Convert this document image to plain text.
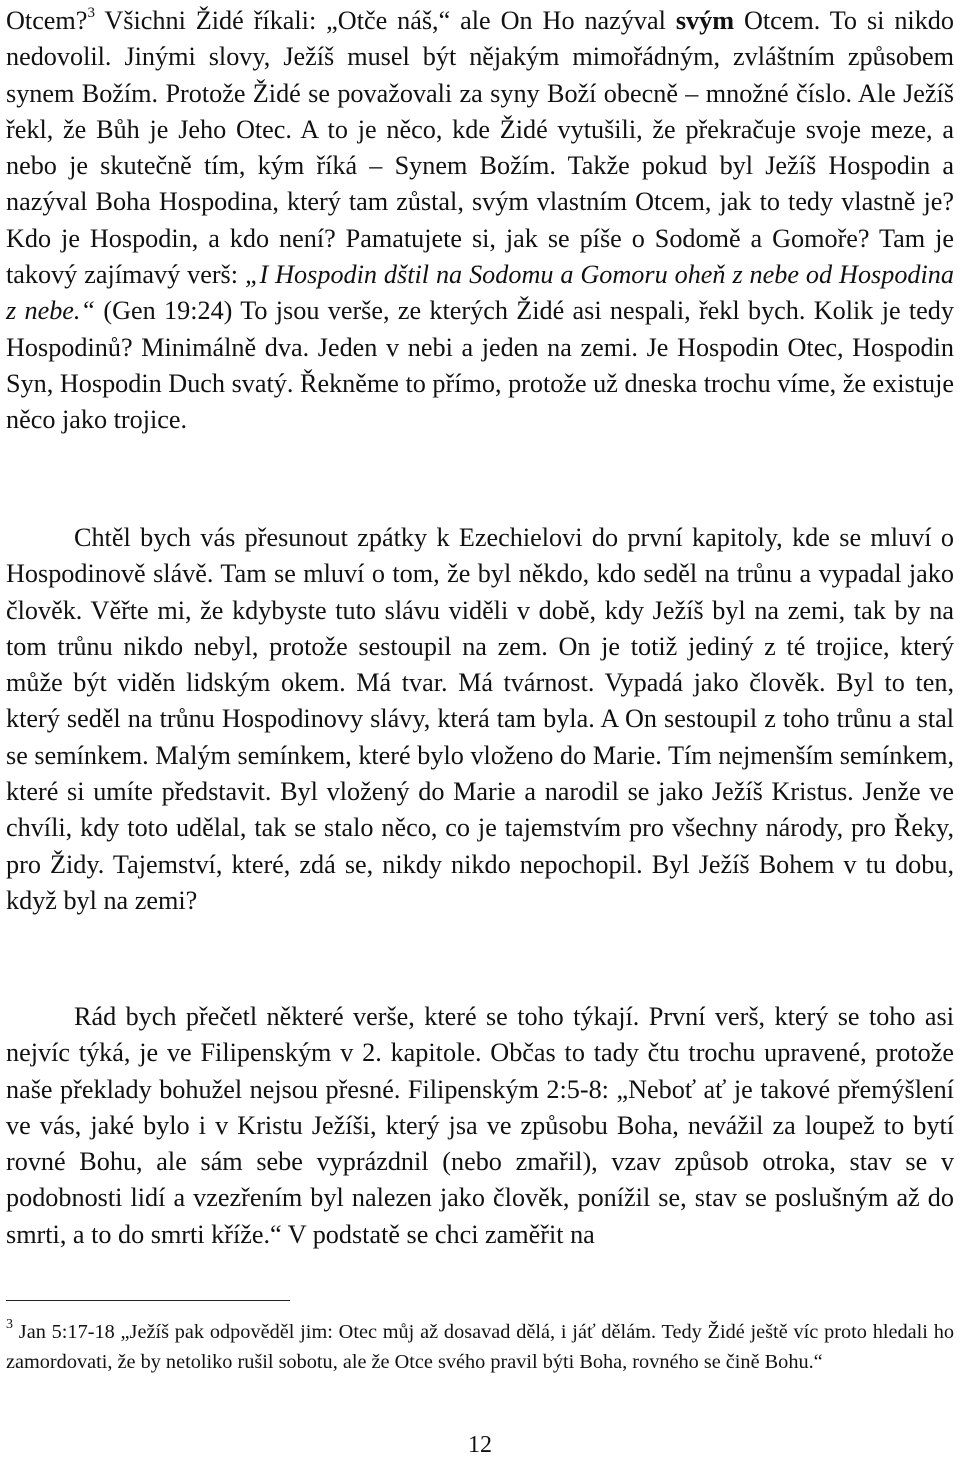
Otcem?$^3$ Všichni Židé říkali: „Otče náš,“ ale On Ho nazýval svým Otcem. To si nikdo nedovolil. Jinými slovy, Ježíš musel být nějakým mimořádným, zvláštním způsobem synem Božím. Protože Židé se považovali za syny Boží obecně – množné číslo. Ale Ježíš řekl, že Bůh je Jeho Otec. A to je něco, kde Židé vytušili, že překračuje svoje meze, a nebo je skutečně tím, kým říká – Synem Božím. Takže pokud byl Ježíš Hospodin a nazýval Boha Hospodina, který tam zůstal, svým vlastním Otcem, jak to tedy vlastně je? Kdo je Hospodin, a kdo není? Pamatujete si, jak se píše o Sodomě a Gomoře? Tam je takový zajímavý verš: „I Hospodin dštil na Sodomu a Gomoru oheň z nebe od Hospodina z nebe.“ (Gen 19:24) To jsou verše, ze kterých Židé asi nespali, řekl bych. Kolik je tedy Hospodinů? Minimálně dva. Jeden v nebi a jeden na zemi. Je Hospodin Otec, Hospodin Syn, Hospodin Duch svatý. Řekněme to přímo, protože už dneska trochu víme, že existuje něco jako trojice.

Chtěl bych vás přesunout zpátky k Ezechielovi do první kapitoly, kde se mluví o Hospodinově slávě. Tam se mluví o tom, že byl někdo, kdo seděl na trůnu a vypadal jako člověk. Věřte mi, že kdybyste tuto slávu viděli v době, kdy Ježíš byl na zemi, tak by na tom trůnu nikdo nebyl, protože sestoupil na zem. On je totiž jediný z té trojice, který může být viděn lidským okem. Má tvar. Má tvárnost. Vypadá jako člověk. Byl to ten, který seděl na trůnu Hospodinovy slávy, která tam byla. A On sestoupil z toho trůnu a stal se semínkem. Malým semínkem, které bylo vloženo do Marie. Tím nejmenším semínkem, které si umíte představit. Byl vložený do Marie a narodil se jako Ježíš Kristus. Jenže ve chvíli, kdy toto udělal, tak se stalo něco, co je tajemstvím pro všechny národy, pro Řeky, pro Židy. Tajemství, které, zdá se, nikdy nikdo nepochopil. Byl Ježíš Bohem v tu dobu, když byl na zemi?

Rád bych přečetl některé verše, které se toho týkají. První verš, který se toho asi nejvíc týká, je ve Filipenským v 2. kapitole. Občas to tady čtu trochu upravené, protože naše překlady bohužel nejsou přesné. Filipenským 2:5-8: „Neboť ať je takové přemýšlení ve vás, jaké bylo i v Kristu Ježíši, který jsa ve způsobu Boha, nevážil za loupež to bytí rovné Bohu, ale sám sebe vyprázdnil (nebo zmařil), vzav způsob otroka, stav se v podobnosti lidí a vzezřením byl nalezen jako člověk, ponížil se, stav se poslušným až do smrti, a to do smrti kříže.“ V podstatě se chci zaměřit na

$^3$ Jan 5:17-18 „Ježíš pak odpověděl jim: Otec můj až dosavad dělá, i jáť dělám. Tedy Židé ještě víc proto hledali ho zamordovati, že by netoliko rušil sobotu, ale že Otce svého pravil býti Boha, rovného se čině Bohu.“

12
